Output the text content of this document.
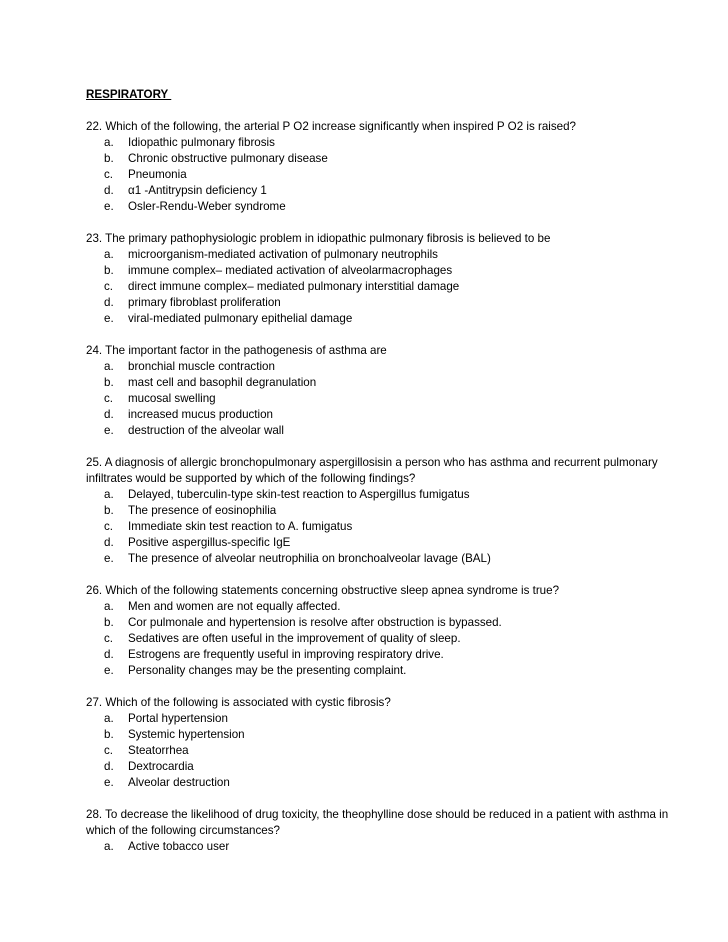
RESPIRATORY

22. Which of the following, the arterial P O2 increase significantly when inspired P O2 is raised?

a. Idiopathic pulmonary fibrosis
b. Chronic obstructive pulmonary disease
c. Pneumonia
d. α1 -Antitrypsin deficiency 1
e. Osler-Rendu-Weber syndrome

23. The primary pathophysiologic problem in idiopathic pulmonary fibrosis is believed to be

a. microorganism-mediated activation of pulmonary neutrophils
b. immune complex– mediated activation of alveolarmacrophages
c. direct immune complex– mediated pulmonary interstitial damage
d. primary fibroblast proliferation
e. viral-mediated pulmonary epithelial damage

24. The important factor in the pathogenesis of asthma are

a. bronchial muscle contraction
b. mast cell and basophil degranulation
c. mucosal swelling
d. increased mucus production
e. destruction of the alveolar wall

25. A diagnosis of allergic bronchopulmonary aspergillosisin a person who has asthma and recurrent pulmonary infiltrates would be supported by which of the following findings?

a. Delayed, tuberculin-type skin-test reaction to Aspergillus fumigatus
b. The presence of eosinophilia
c. Immediate skin test reaction to A. fumigatus
d. Positive aspergillus-specific IgE
e. The presence of alveolar neutrophilia on bronchoalveolar lavage (BAL)

26. Which of the following statements concerning obstructive sleep apnea syndrome is true?

a. Men and women are not equally affected.
b. Cor pulmonale and hypertension is resolve after obstruction is bypassed.
c. Sedatives are often useful in the improvement of quality of sleep.
d. Estrogens are frequently useful in improving respiratory drive.
e. Personality changes may be the presenting complaint.

27. Which of the following is associated with cystic fibrosis?

a. Portal hypertension
b. Systemic hypertension
c. Steatorrhea
d. Dextrocardia
e. Alveolar destruction

28. To decrease the likelihood of drug toxicity, the theophylline dose should be reduced in a patient with asthma in which of the following circumstances?

a. Active tobacco user
